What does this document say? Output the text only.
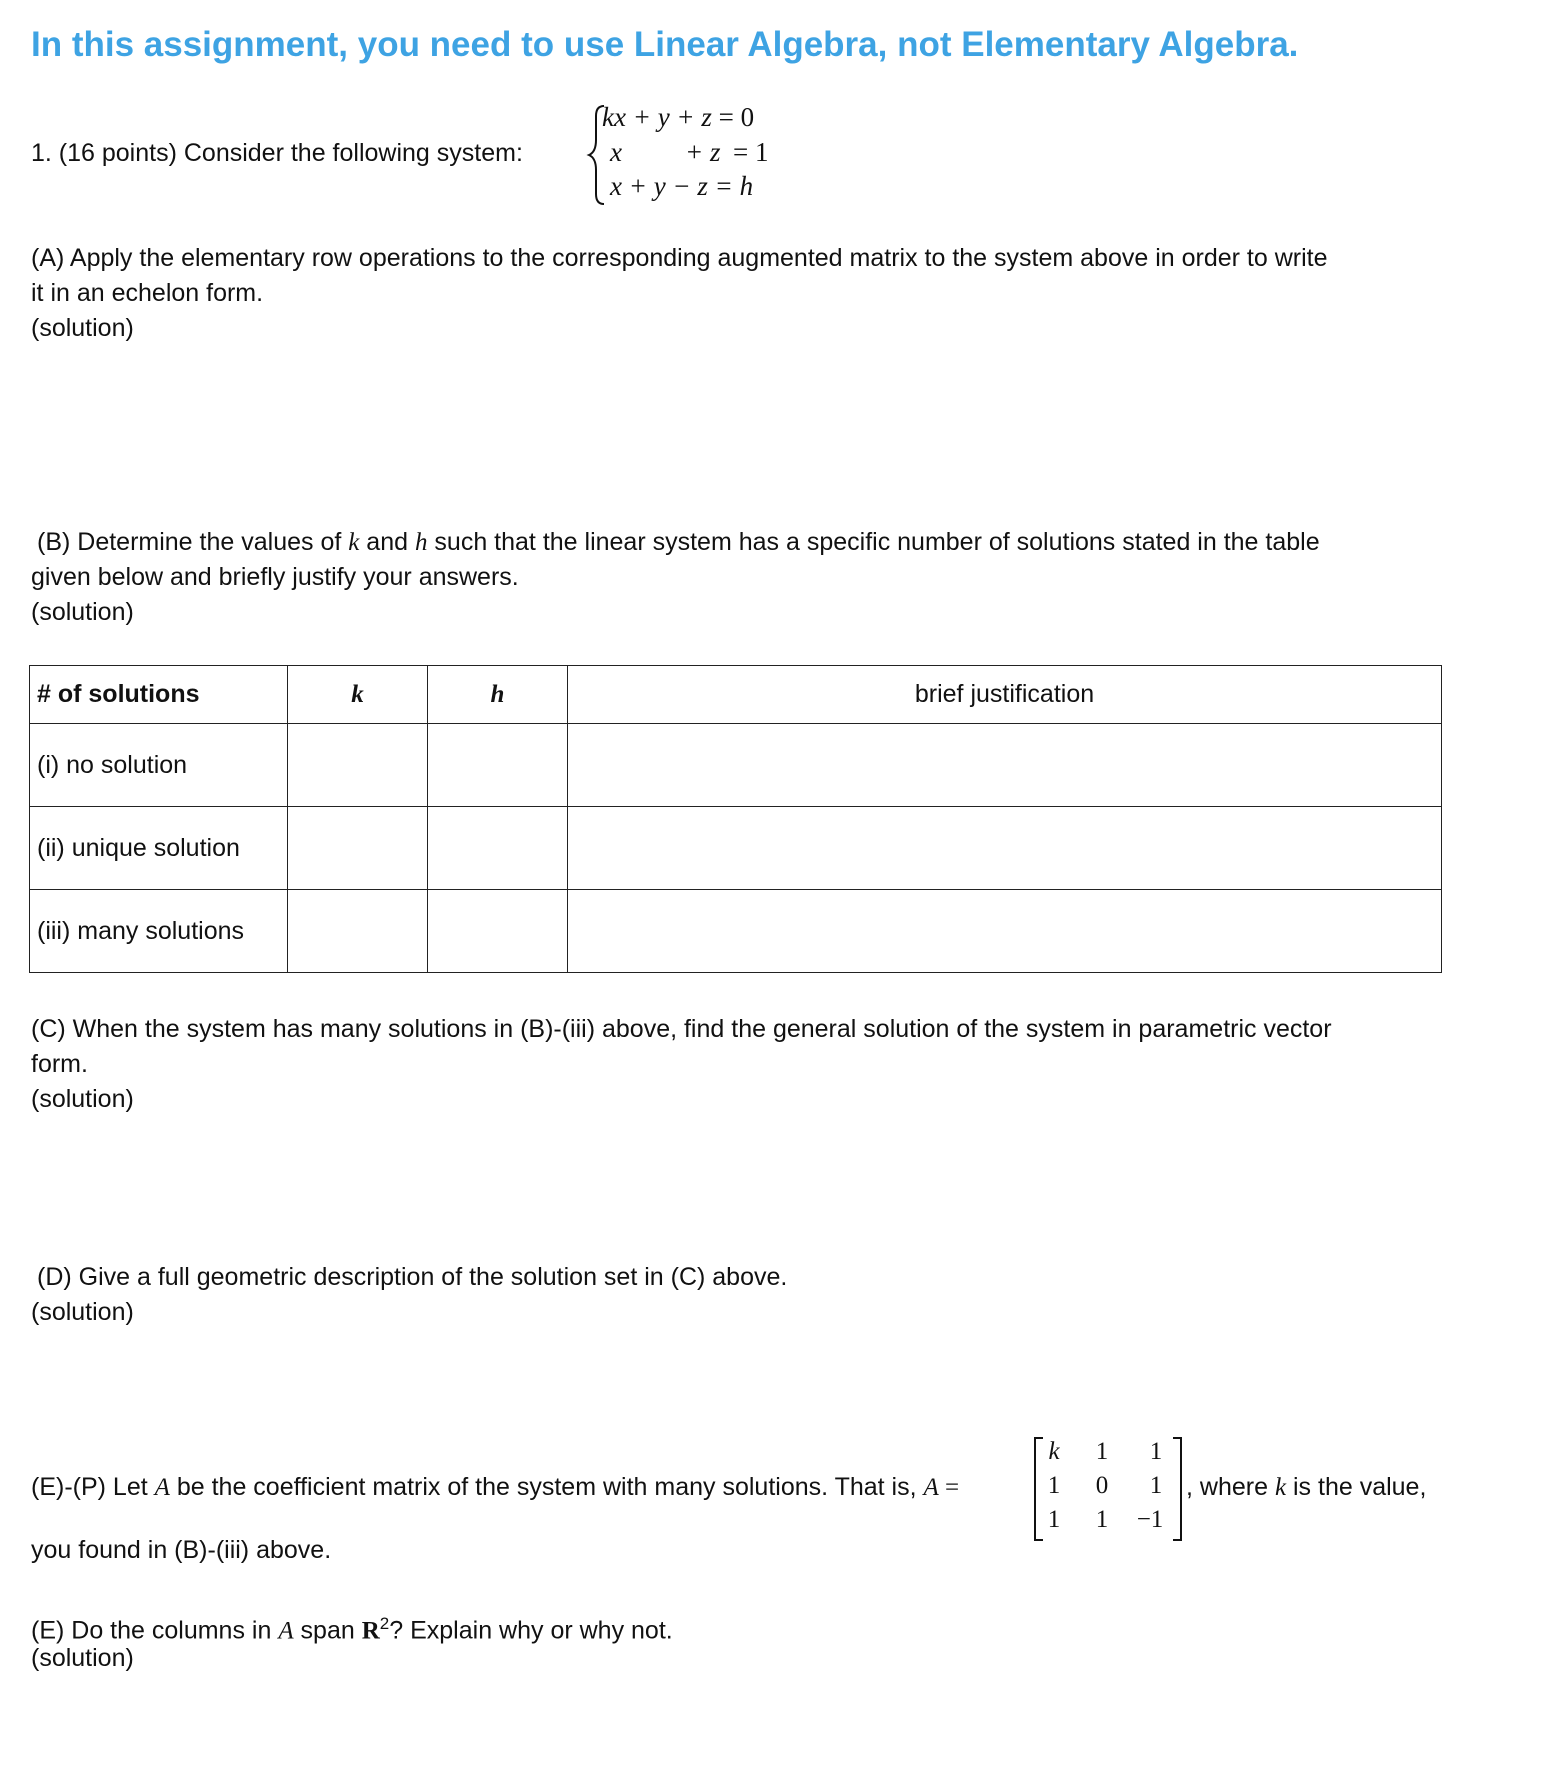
In this assignment, you need to use Linear Algebra, not Elementary Algebra.
1. (16 points) Consider the following system:
kx + y + z = 0
x + z = 1
x + y − z = h
(A) Apply the elementary row operations to the corresponding augmented matrix to the system above in order to write
it in an echelon form.
(solution)
(B) Determine the values of k and h such that the linear system has a specific number of solutions stated in the table
given below and briefly justify your answers.
(solution)
# of solutions	k	h	brief justification
(i) no solution			
(ii) unique solution			
(iii) many solutions			
(C) When the system has many solutions in (B)-(iii) above, find the general solution of the system in parametric vector
form.
(solution)
(D) Give a full geometric description of the solution set in (C) above.
(solution)
(E)-(P) Let A be the coefficient matrix of the system with many solutions. That is, A =
k	1	1
1	0	1
1	1	−1
, where k is the value,
you found in (B)-(iii) above.
(E) Do the columns in A span $R^2$? Explain why or why not.
(solution)
